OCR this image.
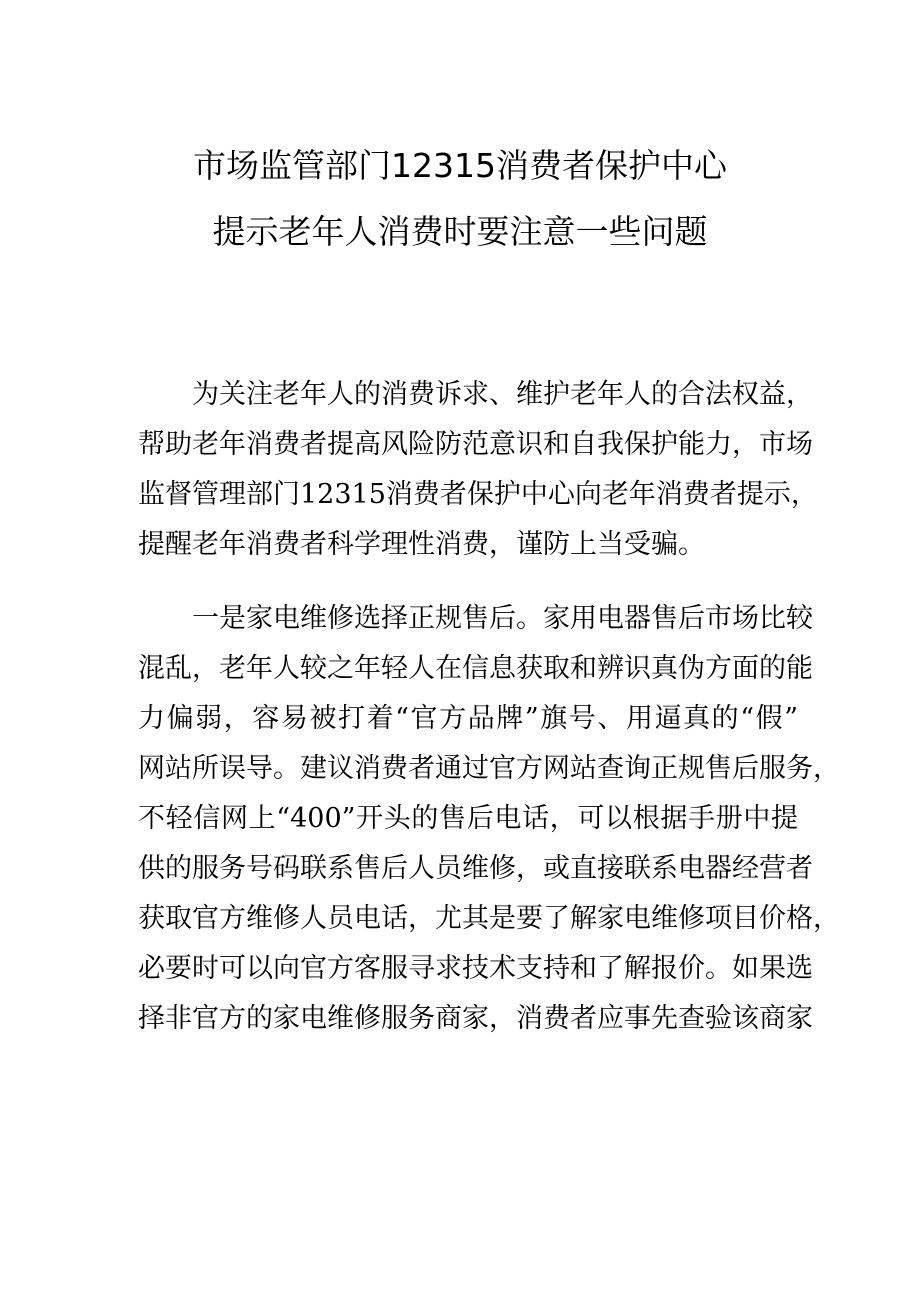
市场监管部门12315消费者保护中心
提示老年人消费时要注意一些问题
为关注老年人的消费诉求、维护老年人的合法权益，
帮助老年消费者提高风险防范意识和自我保护能力，市场
监督管理部门12315消费者保护中心向老年消费者提示，
提醒老年消费者科学理性消费，谨防上当受骗。
一是家电维修选择正规售后。家用电器售后市场比较
混乱，老年人较之年轻人在信息获取和辨识真伪方面的能
力偏弱，容易被打着“官方品牌”旗号、用逼真的“假”
网站所误导。建议消费者通过官方网站查询正规售后服务，
不轻信网上“400”开头的售后电话，可以根据手册中提
供的服务号码联系售后人员维修，或直接联系电器经营者
获取官方维修人员电话，尤其是要了解家电维修项目价格，
必要时可以向官方客服寻求技术支持和了解报价。如果选
择非官方的家电维修服务商家，消费者应事先查验该商家
